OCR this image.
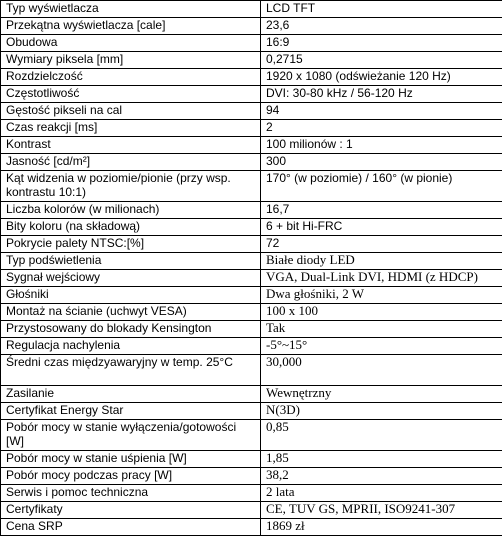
Typ wyświetlacza	LCD TFT
Przekątna wyświetlacza [cale]	23,6
Obudowa	16:9
Wymiary piksela [mm]	0,2715
Rozdzielczość	1920 x 1080 (odświeżanie 120 Hz)
Częstotliwość	DVI: 30-80 kHz / 56-120 Hz
Gęstość pikseli na cal	94
Czas reakcji [ms]	2
Kontrast	100 milionów : 1
Jasność [cd/m²]	300
Kąt widzenia w poziomie/pionie (przy wsp. kontrastu 10:1)	170° (w poziomie) / 160° (w pionie)
Liczba kolorów (w milionach)	16,7
Bity koloru (na składową)	6 + bit Hi-FRC
Pokrycie palety NTSC:[%]	72
Typ podświetlenia	Białe diody LED
Sygnał wejściowy	VGA, Dual-Link DVI, HDMI (z HDCP)
Głośniki	Dwa głośniki, 2 W
Montaż na ścianie (uchwyt VESA)	100 x 100
Przystosowany do blokady Kensington	Tak
Regulacja nachylenia	-5°~15°
Średni czas międzyawaryjny w temp. 25°C	30,000
Zasilanie	Wewnętrzny
Certyfikat Energy Star	N(3D)
Pobór mocy w stanie wyłączenia/gotowości [W]	0,85
Pobór mocy w stanie uśpienia [W]	1,85
Pobór mocy podczas pracy [W]	38,2
Serwis i pomoc techniczna	2 lata
Certyfikaty	CE, TUV GS, MPRII, ISO9241-307
Cena SRP	1869 zł
